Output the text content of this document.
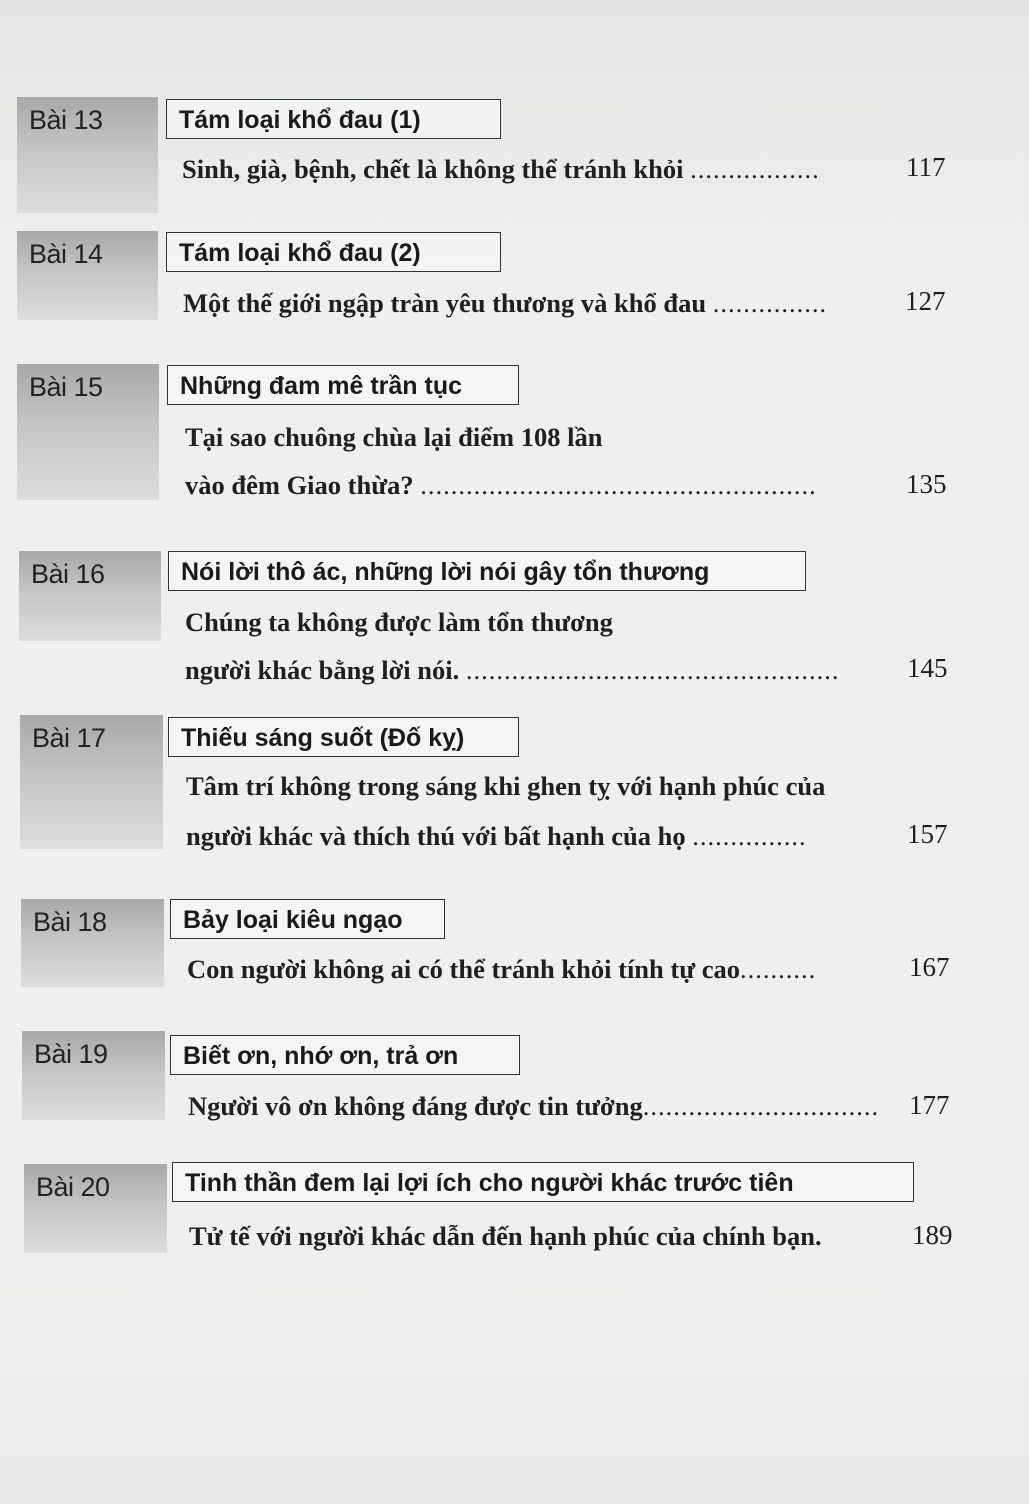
Bài 13	Tám loại khổ đau (1)
Sinh, già, bệnh, chết là không thể tránh khỏi .................	117
Bài 14	Tám loại khổ đau (2)
Một thế giới ngập tràn yêu thương và khổ đau ...............	127
Bài 15	Những đam mê trần tục
Tại sao chuông chùa lại điểm 108 lần
vào đêm Giao thừa? ....................................................	135
Bài 16	Nói lời thô ác, những lời nói gây tổn thương
Chúng ta không được làm tổn thương
người khác bằng lời nói. ................................................. 145
Bài 17	Thiếu sáng suốt (Đố kỵ)
Tâm trí không trong sáng khi ghen tỵ với hạnh phúc của
người khác và thích thú với bất hạnh của họ ...............	157
Bài 18	Bảy loại kiêu ngạo
Con người không ai có thể tránh khỏi tính tự cao..........	167
Bài 19	Biết ơn, nhớ ơn, trả ơn
Người vô ơn không đáng được tin tưởng............................... 177
Bài 20	Tinh thần đem lại lợi ích cho người khác trước tiên
Tử tế với người khác dẫn đến hạnh phúc của chính bạn.	189
